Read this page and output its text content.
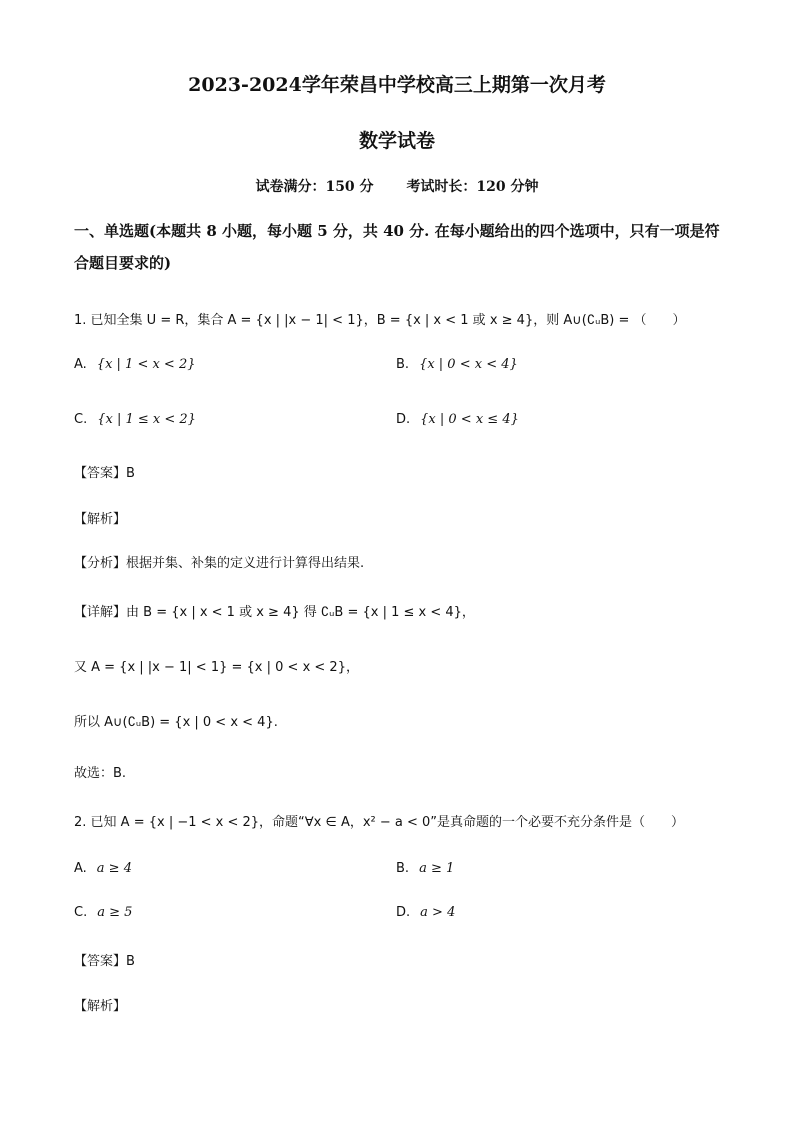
2023-2024学年荣昌中学校高三上期第一次月考
数学试卷
试卷满分：150 分 考试时长：120 分钟
一、单选题(本题共 8 小题，每小题 5 分，共 40 分. 在每小题给出的四个选项中，只有一项是符合题目要求的)
1. 已知全集 U = R，集合 A = {x | |x − 1| < 1}，B = {x | x < 1 或 x ≥ 4}，则 A∪(∁ᵤB) = （　　）
A. {x | 1 < x < 2}	B. {x | 0 < x < 4}
C. {x | 1 ≤ x < 2}	D. {x | 0 < x ≤ 4}
【答案】B
【解析】
【分析】根据并集、补集的定义进行计算得出结果.
【详解】由 B = {x | x < 1 或 x ≥ 4} 得 ∁ᵤB = {x | 1 ≤ x < 4}，
又 A = {x | |x − 1| < 1} = {x | 0 < x < 2}，
所以 A∪(∁ᵤB) = {x | 0 < x < 4}.
故选：B.
2. 已知 A = {x | −1 < x < 2}，命题“∀x ∈ A，x² − a < 0”是真命题的一个必要不充分条件是（　　）
A. a ≥ 4	B. a ≥ 1
C. a ≥ 5	D. a > 4
【答案】B
【解析】
